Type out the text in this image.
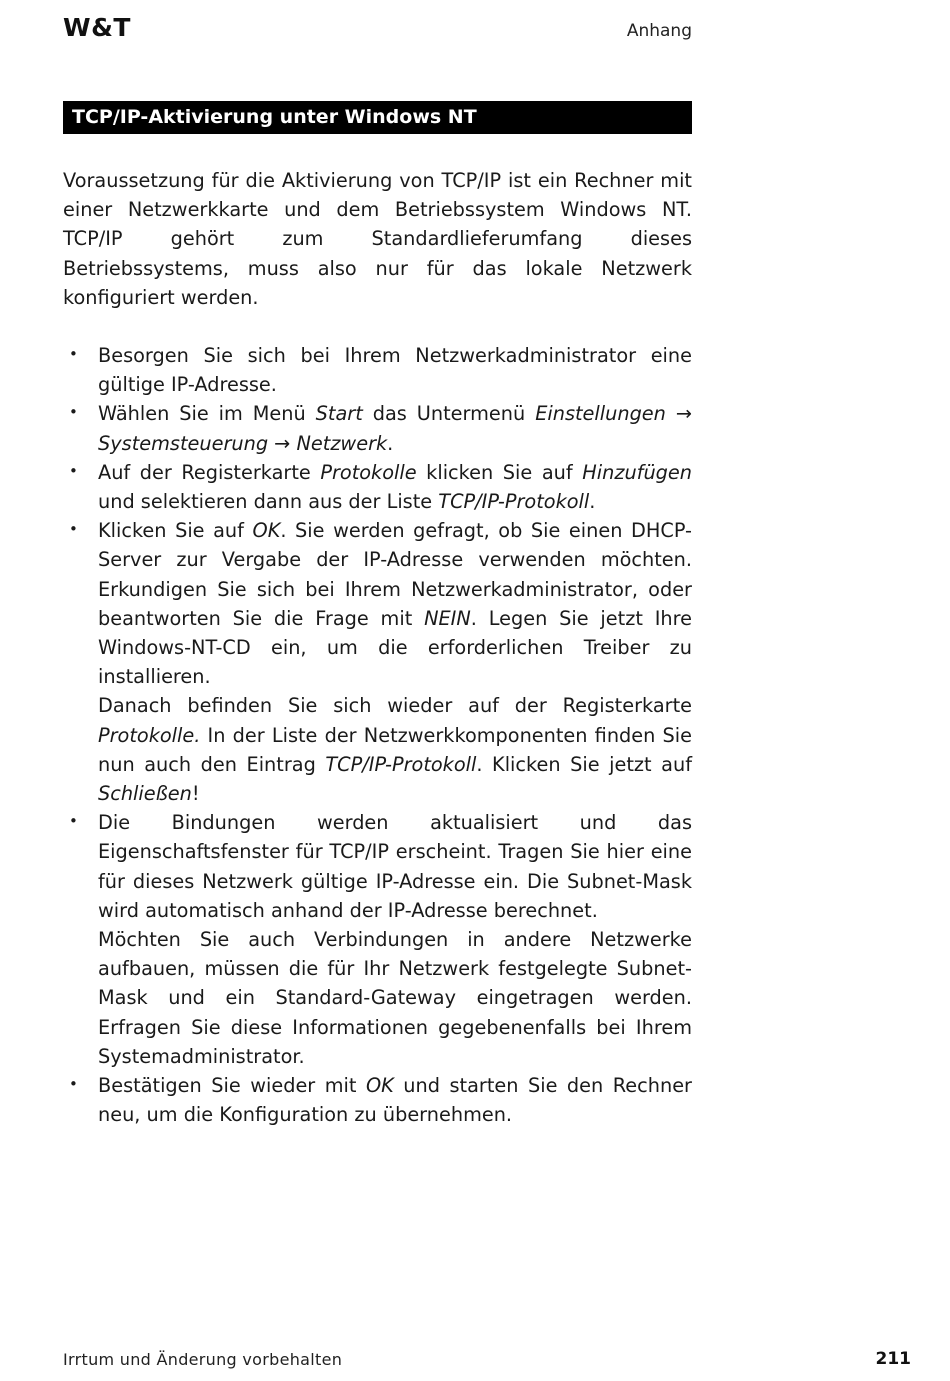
W&T	Anhang
TCP/IP-Aktivierung unter Windows NT

Voraussetzung für die Aktivierung von TCP/IP ist ein Rechner mit einer Netzwerkkarte und dem Betriebssystem Windows NT. TCP/IP gehört zum Standardlieferumfang dieses Betriebssystems, muss also nur für das lokale Netzwerk konfiguriert werden.

• Besorgen Sie sich bei Ihrem Netzwerkadministrator eine gültige IP-Adresse.
• Wählen Sie im Menü Start das Untermenü Einstellungen → Systemsteuerung → Netzwerk.
• Auf der Registerkarte Protokolle klicken Sie auf Hinzufügen und selektieren dann aus der Liste TCP/IP-Protokoll.

• Klicken Sie auf OK. Sie werden gefragt, ob Sie einen DHCP-Server zur Vergabe der IP-Adresse verwenden möchten. Erkundigen Sie sich bei Ihrem Netzwerkadministrator, oder beantworten Sie die Frage mit NEIN. Legen Sie jetzt Ihre Windows-NT-CD ein, um die erforderlichen Treiber zu installieren.

Danach befinden Sie sich wieder auf der Registerkarte Protokolle. In der Liste der Netzwerkkomponenten finden Sie nun auch den Eintrag TCP/IP-Protokoll. Klicken Sie jetzt auf Schließen!

• Die Bindungen werden aktualisiert und das Eigenschaftsfenster für TCP/IP erscheint. Tragen Sie hier eine für dieses Netzwerk gültige IP-Adresse ein. Die Subnet-Mask wird automatisch anhand der IP-Adresse berechnet.

Möchten Sie auch Verbindungen in andere Netzwerke aufbauen, müssen die für Ihr Netzwerk festgelegte Subnet-Mask und ein Standard-Gateway eingetragen werden. Erfragen Sie diese Informationen gegebenenfalls bei Ihrem Systemadministrator.

• Bestätigen Sie wieder mit OK und starten Sie den Rechner neu, um die Konfiguration zu übernehmen.
Irrtum und Änderung vorbehalten	211
